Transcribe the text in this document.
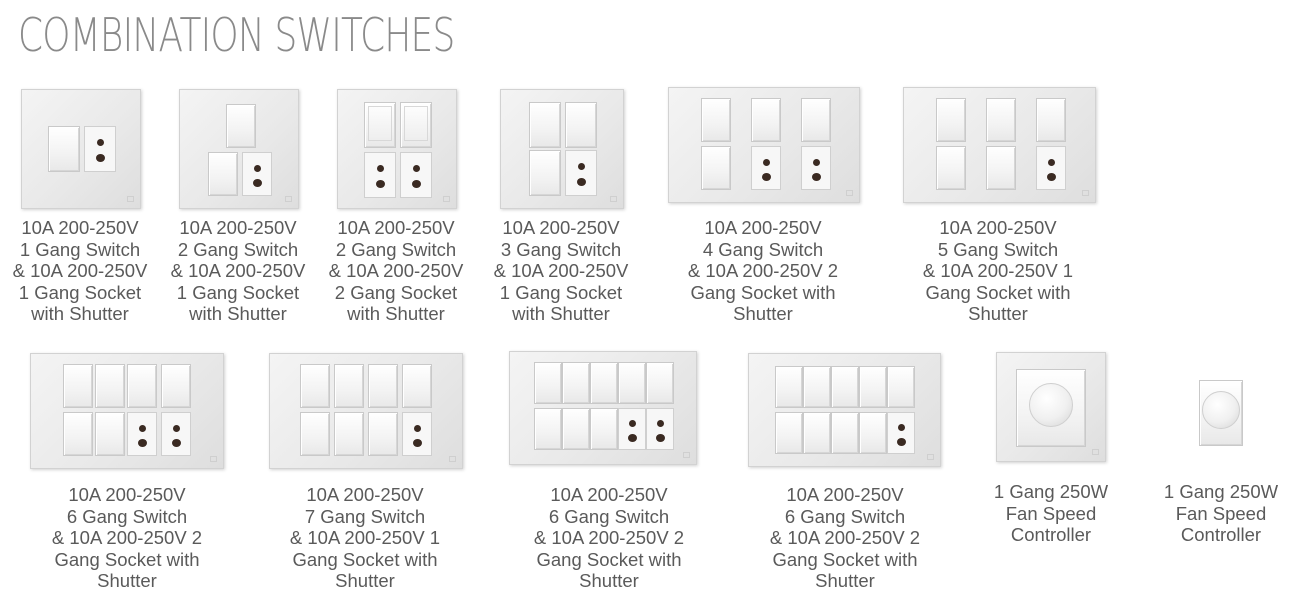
COMBINATION SWITCHES
10A 200-250V
1 Gang Switch
& 10A 200-250V
1 Gang Socket
with Shutter
10A 200-250V
2 Gang Switch
& 10A 200-250V
1 Gang Socket
with Shutter
10A 200-250V
2 Gang Switch
& 10A 200-250V
2 Gang Socket
with Shutter
10A 200-250V
3 Gang Switch
& 10A 200-250V
1 Gang Socket
with Shutter
10A 200-250V
4 Gang Switch
& 10A 200-250V 2
Gang Socket with
Shutter
10A 200-250V
5 Gang Switch
& 10A 200-250V 1
Gang Socket with
Shutter
10A 200-250V
6 Gang Switch
& 10A 200-250V 2
Gang Socket with
Shutter
10A 200-250V
7 Gang Switch
& 10A 200-250V 1
Gang Socket with
Shutter
10A 200-250V
6 Gang Switch
& 10A 200-250V 2
Gang Socket with
Shutter
10A 200-250V
6 Gang Switch
& 10A 200-250V 2
Gang Socket with
Shutter
1 Gang 250W
Fan Speed
Controller
1 Gang 250W
Fan Speed
Controller
